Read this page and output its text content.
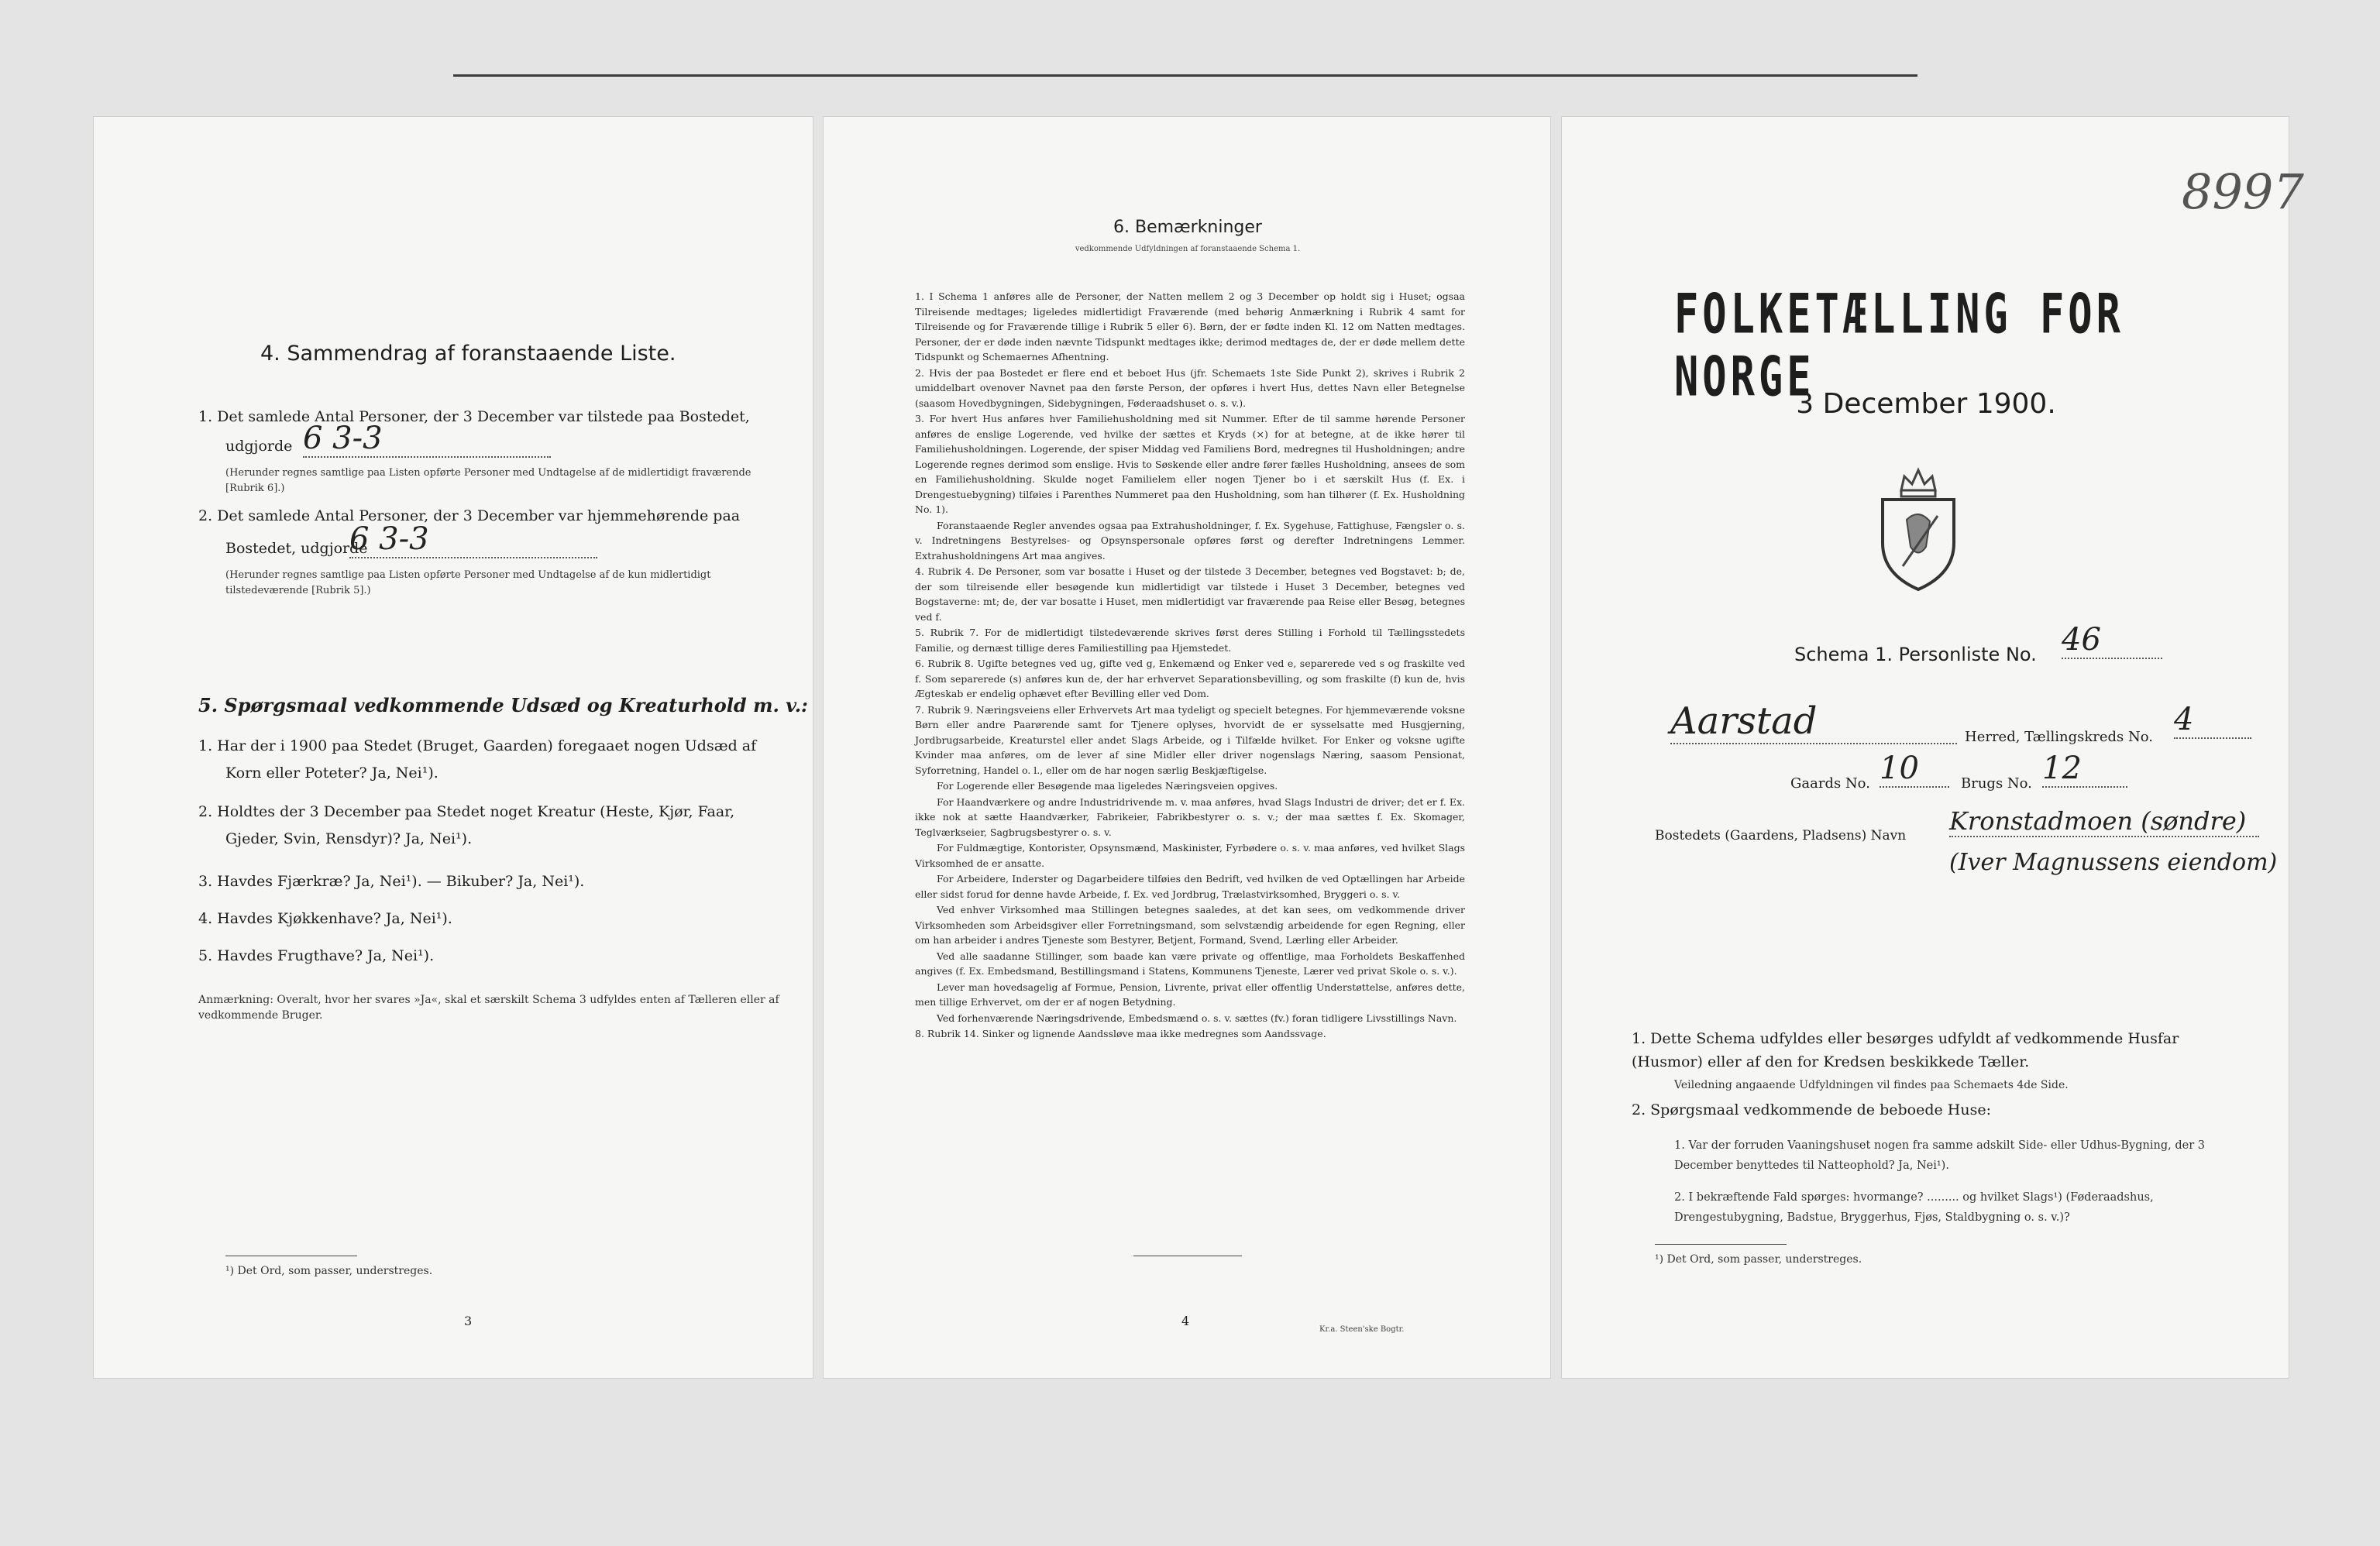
4. Sammendrag af foranstaaende Liste.
1. Det samlede Antal Personer, der 3 December var tilstede paa Bostedet,
udgjorde 6 3-3
(Herunder regnes samtlige paa Listen opførte Personer med Undtagelse af de midlertidigt fraværende [Rubrik 6].)
2. Det samlede Antal Personer, der 3 December var hjemmehørende paa
Bostedet, udgjorde
6 3-3
(Herunder regnes samtlige paa Listen opførte Personer med Undtagelse af de kun midlertidigt tilstedeværende [Rubrik 5].)
5. Spørgsmaal vedkommende Udsæd og Kreaturhold m. v.:
1. Har der i 1900 paa Stedet (Bruget, Gaarden) foregaaet nogen Udsæd af
Korn eller Poteter? Ja, Nei¹).
2. Holdtes der 3 December paa Stedet noget Kreatur (Heste, Kjør, Faar,
Gjeder, Svin, Rensdyr)? Ja, Nei¹).
3. Havdes Fjærkræ? Ja, Nei¹). — Bikuber? Ja, Nei¹).
4. Havdes Kjøkkenhave? Ja, Nei¹).
5. Havdes Frugthave? Ja, Nei¹).
Anmærkning: Overalt, hvor her svares »Ja«, skal et særskilt Schema 3 udfyldes enten af Tælleren eller af vedkommende Bruger.
¹) Det Ord, som passer, understreges.
3
6. Bemærkninger
vedkommende Udfyldningen af foranstaaende Schema 1.

1. I Schema 1 anføres alle de Personer, der Natten mellem 2 og 3 December op holdt sig i Huset; ogsaa Tilreisende medtages; ligeledes midlertidigt Fraværende (med behørig Anmærkning i Rubrik 4 samt for Tilreisende og for Fraværende tillige i Rubrik 5 eller 6). Børn, der er fødte inden Kl. 12 om Natten medtages. Personer, der er døde inden nævnte Tidspunkt medtages ikke; derimod medtages de, der er døde mellem dette Tidspunkt og Schemaernes Afhentning.

2. Hvis der paa Bostedet er flere end et beboet Hus (jfr. Schemaets 1ste Side Punkt 2), skrives i Rubrik 2 umiddelbart ovenover Navnet paa den første Person, der opføres i hvert Hus, dettes Navn eller Betegnelse (saasom Hovedbygningen, Sidebygningen, Føderaadshuset o. s. v.).

3. For hvert Hus anføres hver Familiehusholdning med sit Nummer. Efter de til samme hørende Personer anføres de enslige Logerende, ved hvilke der sættes et Kryds (×) for at betegne, at de ikke hører til Familiehusholdningen. Logerende, der spiser Middag ved Familiens Bord, medregnes til Husholdningen; andre Logerende regnes derimod som enslige. Hvis to Søskende eller andre fører fælles Husholdning, ansees de som en Familiehusholdning. Skulde noget Familielem eller nogen Tjener bo i et særskilt Hus (f. Ex. i Drengestuebygning) tilføies i Parenthes Nummeret paa den Husholdning, som han tilhører (f. Ex. Husholdning No. 1).

Foranstaaende Regler anvendes ogsaa paa Extrahusholdninger, f. Ex. Sygehuse, Fattighuse, Fængsler o. s. v. Indretningens Bestyrelses- og Opsynspersonale opføres først og derefter Indretningens Lemmer. Extrahusholdningens Art maa angives.

4. Rubrik 4. De Personer, som var bosatte i Huset og der tilstede 3 December, betegnes ved Bogstavet: b; de, der som tilreisende eller besøgende kun midlertidigt var tilstede i Huset 3 December, betegnes ved Bogstaverne: mt; de, der var bosatte i Huset, men midlertidigt var fraværende paa Reise eller Besøg, betegnes ved f.

5. Rubrik 7. For de midlertidigt tilstedeværende skrives først deres Stilling i Forhold til Tællingsstedets Familie, og dernæst tillige deres Familiestilling paa Hjemstedet.

6. Rubrik 8. Ugifte betegnes ved ug, gifte ved g, Enkemænd og Enker ved e, separerede ved s og fraskilte ved f. Som separerede (s) anføres kun de, der har erhvervet Separationsbevilling, og som fraskilte (f) kun de, hvis Ægteskab er endelig ophævet efter Bevilling eller ved Dom.

7. Rubrik 9. Næringsveiens eller Erhvervets Art maa tydeligt og specielt betegnes. For hjemmeværende voksne Børn eller andre Paarørende samt for Tjenere oplyses, hvorvidt de er sysselsatte med Husgjerning, Jordbrugsarbeide, Kreaturstel eller andet Slags Arbeide, og i Tilfælde hvilket. For Enker og voksne ugifte Kvinder maa anføres, om de lever af sine Midler eller driver nogenslags Næring, saasom Pensionat, Syforretning, Handel o. l., eller om de har nogen særlig Beskjæftigelse.

For Logerende eller Besøgende maa ligeledes Næringsveien opgives.

For Haandværkere og andre Industridrivende m. v. maa anføres, hvad Slags Industri de driver; det er f. Ex. ikke nok at sætte Haandværker, Fabrikeier, Fabrikbestyrer o. s. v.; der maa sættes f. Ex. Skomager, Teglværkseier, Sagbrugsbestyrer o. s. v.

For Fuldmægtige, Kontorister, Opsynsmænd, Maskinister, Fyrbødere o. s. v. maa anføres, ved hvilket Slags Virksomhed de er ansatte.

For Arbeidere, Inderster og Dagarbeidere tilføies den Bedrift, ved hvilken de ved Optællingen har Arbeide eller sidst forud for denne havde Arbeide, f. Ex. ved Jordbrug, Trælastvirksomhed, Bryggeri o. s. v.

Ved enhver Virksomhed maa Stillingen betegnes saaledes, at det kan sees, om vedkommende driver Virksomheden som Arbeidsgiver eller Forretningsmand, som selvstændig arbeidende for egen Regning, eller om han arbeider i andres Tjeneste som Bestyrer, Betjent, Formand, Svend, Lærling eller Arbeider.

Ved alle saadanne Stillinger, som baade kan være private og offentlige, maa Forholdets Beskaffenhed angives (f. Ex. Embedsmand, Bestillingsmand i Statens, Kommunens Tjeneste, Lærer ved privat Skole o. s. v.).

Lever man hovedsagelig af Formue, Pension, Livrente, privat eller offentlig Understøttelse, anføres dette, men tillige Erhvervet, om der er af nogen Betydning.

Ved forhenværende Næringsdrivende, Embedsmænd o. s. v. sættes (fv.) foran tidligere Livsstillings Navn.

8. Rubrik 14. Sinker og lignende Aandssløve maa ikke medregnes som Aandssvage.

4
Kr.a. Steen'ske Bogtr.
8997
FOLKETÆLLING FOR NORGE
3 December 1900.
Schema 1. Personliste No. 46
Aarstad	Herred, Tællingskreds No. 4
Gaards No. 10	Brugs No. 12
Bostedets (Gaardens, Pladsens) Navn Kronstadmoen (søndre)
(Iver Magnussens eiendom)
1. Dette Schema udfyldes eller besørges udfyldt af vedkommende Husfar (Husmor) eller af den for Kredsen beskikkede Tæller.
Veiledning angaaende Udfyldningen vil findes paa Schemaets 4de Side.
2. Spørgsmaal vedkommende de beboede Huse:
1. Var der forruden Vaaningshuset nogen fra samme adskilt Side- eller Udhus-Bygning, der 3 December benyttedes til Natteophold? Ja, Nei¹).
2. I bekræftende Fald spørges: hvormange? ......... og hvilket Slags¹) (Føderaadshus, Drengestubygning, Badstue, Bryggerhus, Fjøs, Staldbygning o. s. v.)?
¹) Det Ord, som passer, understreges.
